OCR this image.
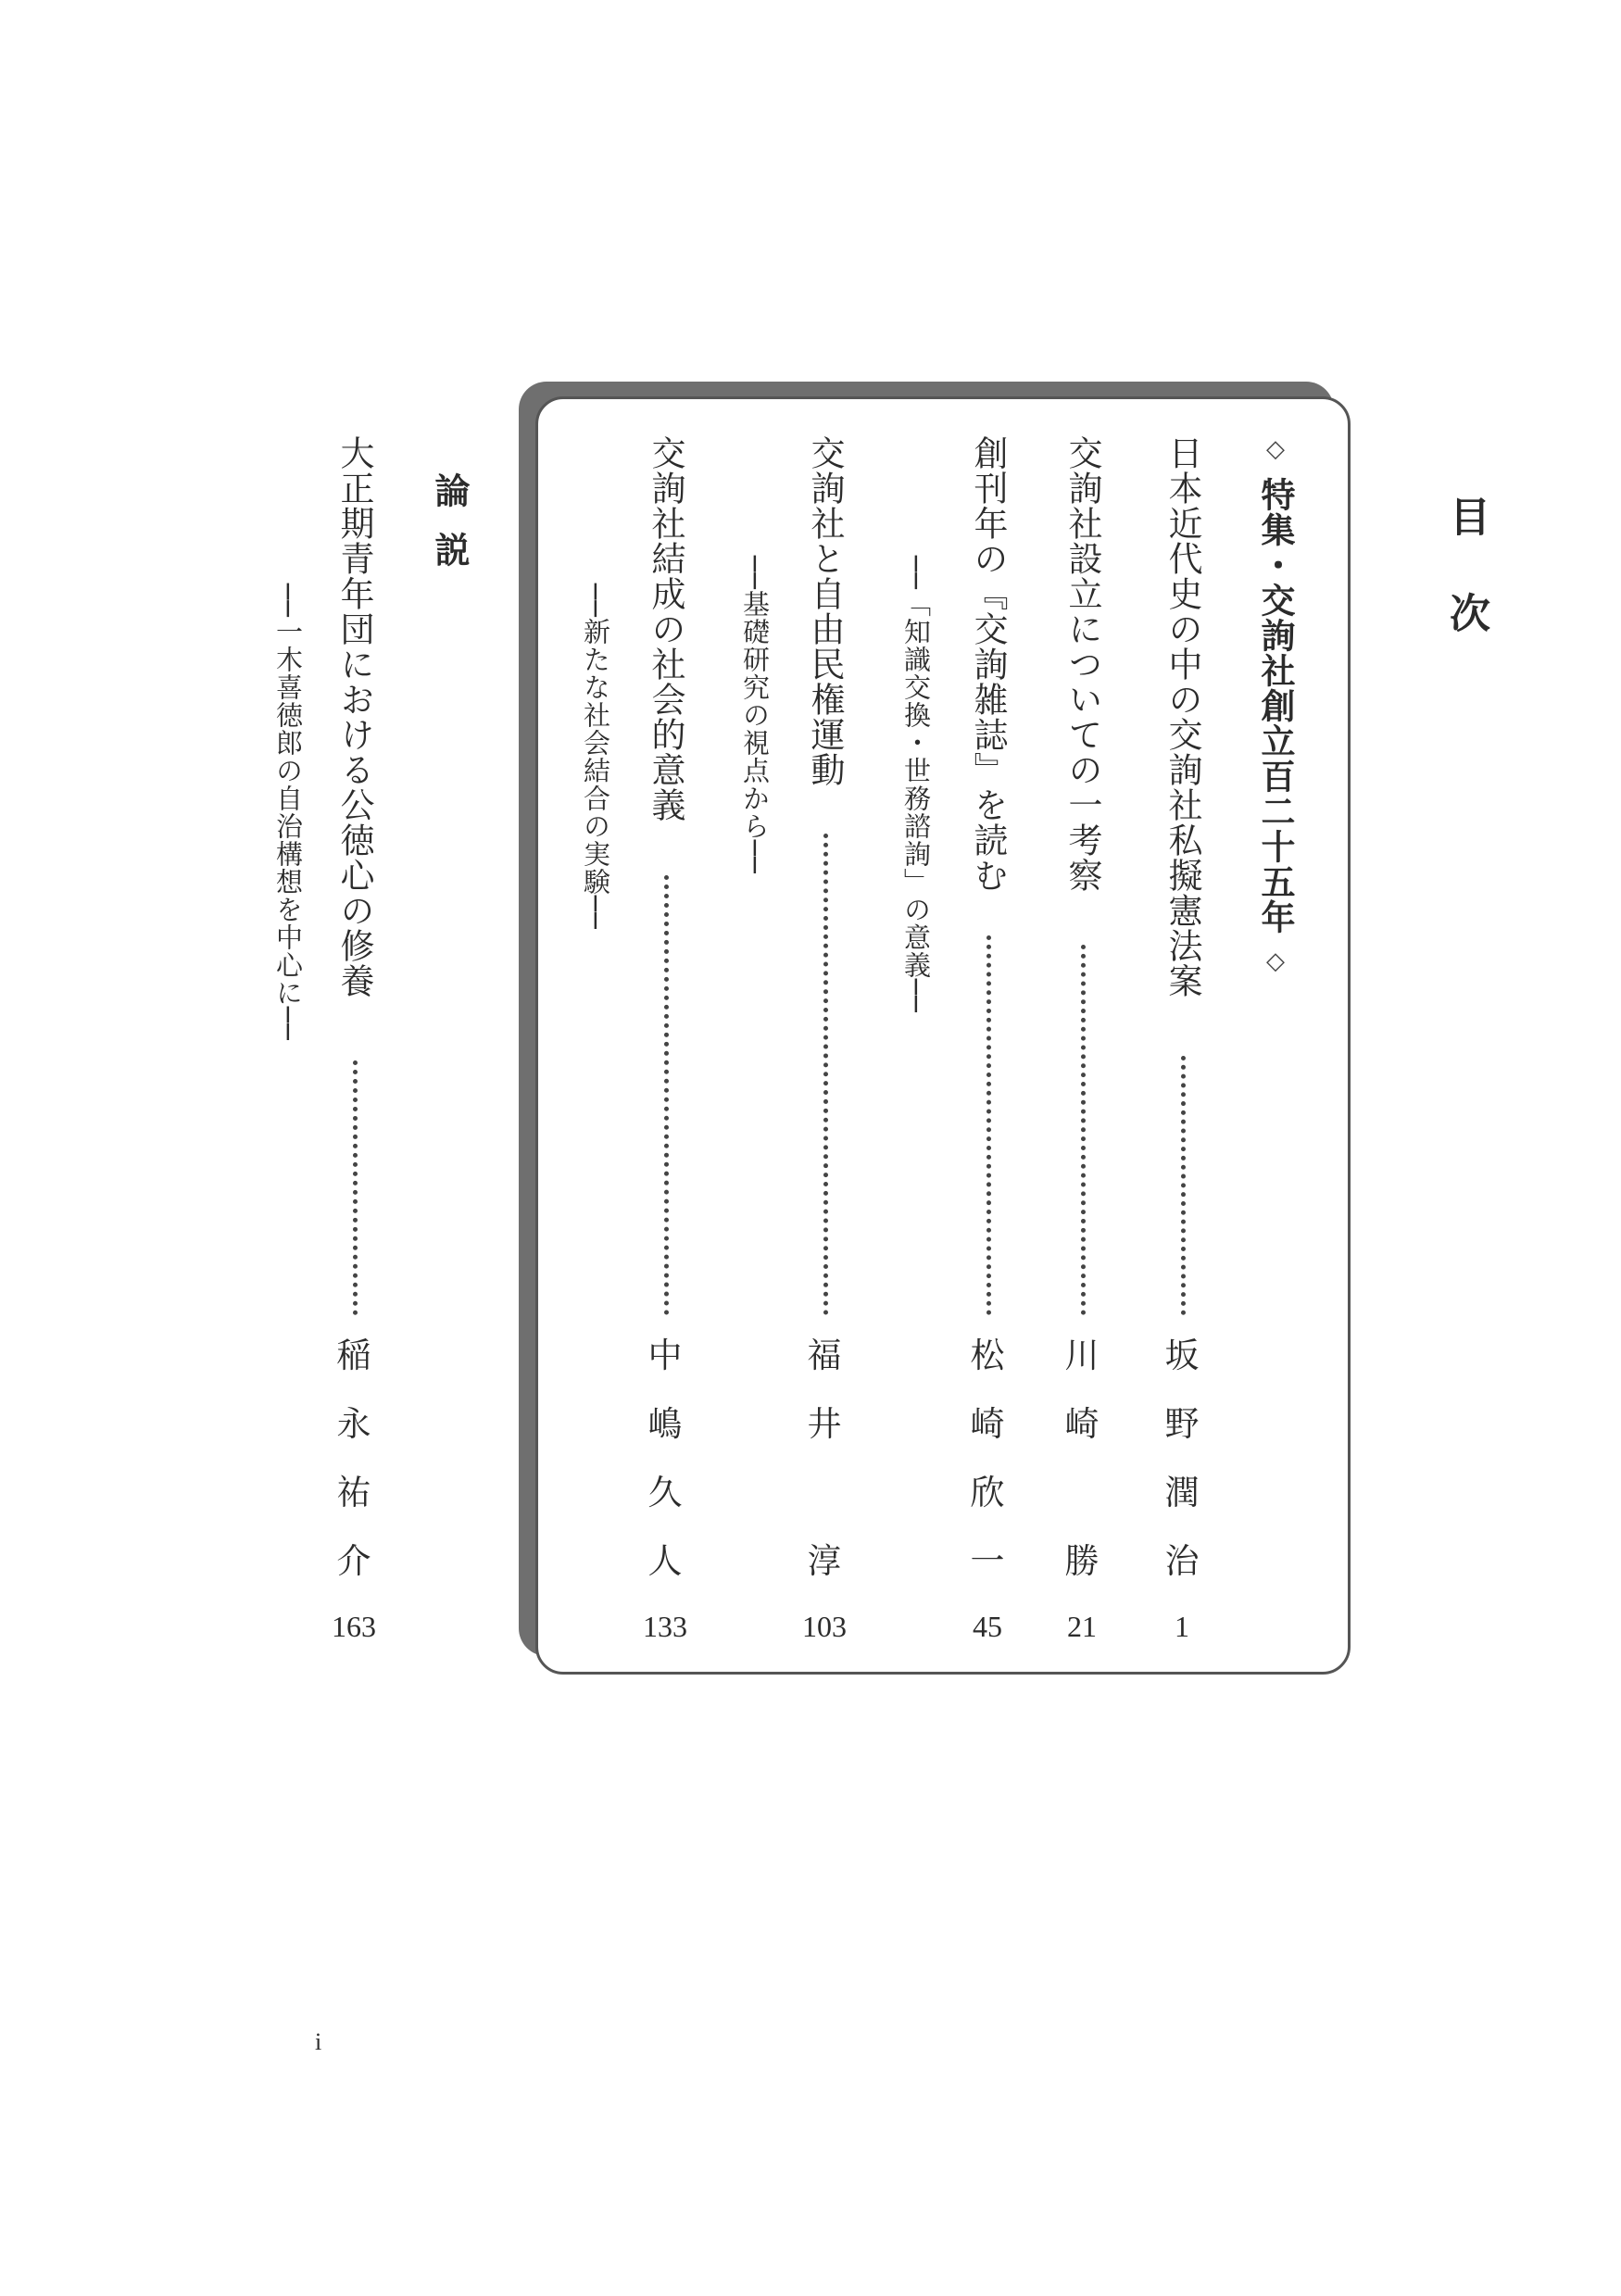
目次
◇ 特集・交詢社創立百二十五年 ◇
日本近代史の中の交詢社私擬憲法案
坂
野
潤
治
1
交詢社設立についての一考察
川
崎
勝
21
創刊年の『交詢雑誌』を読む
──「知識交換・世務諮詢」の意義──
松
崎
欣
一
45
交詢社と自由民権運動
──基礎研究の視点から──
福
井
淳
103
交詢社結成の社会的意義
──新たな社会結合の実験──
中
嶋
久
人
133
論説
大正期青年団における公徳心の修養
──一木喜徳郎の自治構想を中心に──
稲
永
祐
介
163
i
